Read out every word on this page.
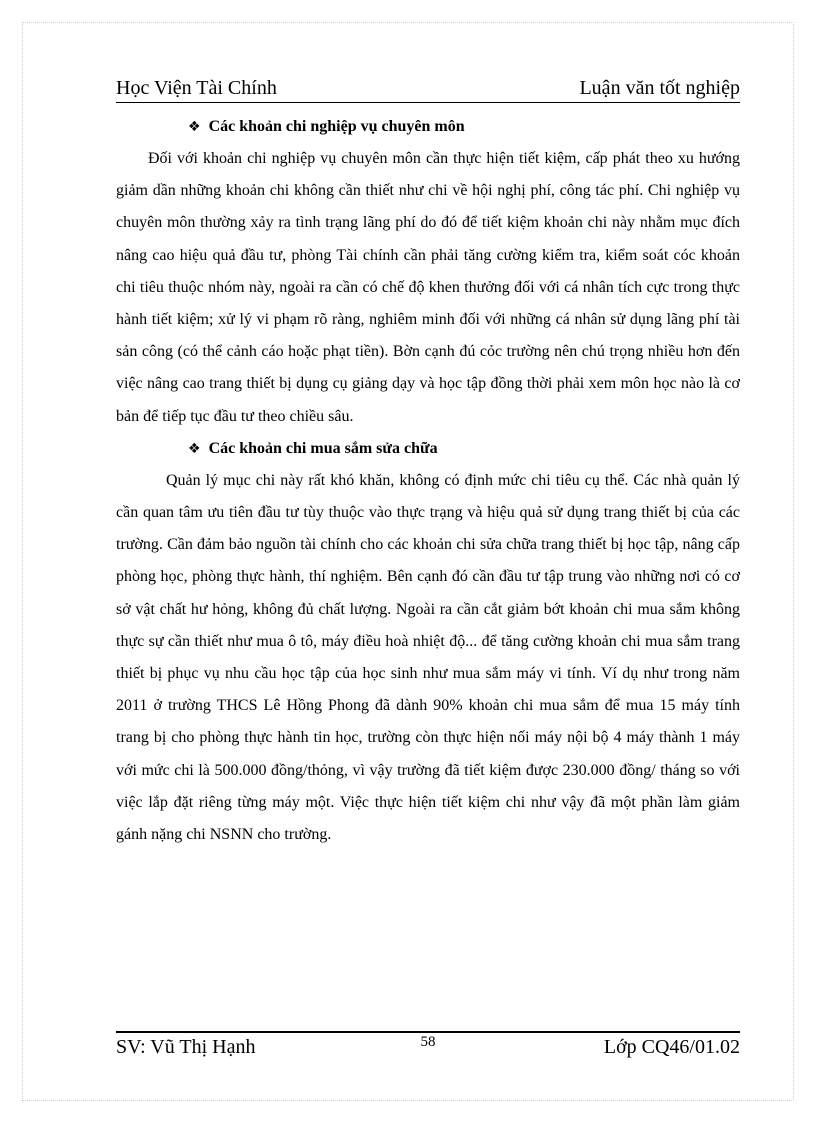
Học Viện Tài Chính	Luận văn tốt nghiệp
❖ Các khoản chi nghiệp vụ chuyên môn

Đối với khoản chi nghiệp vụ chuyên môn cần thực hiện tiết kiệm, cấp phát theo xu hướng giảm dần những khoản chi không cần thiết như chi về hội nghị phí, công tác phí. Chi nghiệp vụ chuyên môn thường xảy ra tình trạng lãng phí do đó để tiết kiệm khoản chi này nhằm mục đích nâng cao hiệu quả đầu tư, phòng Tài chính cần phải tăng cường kiểm tra, kiểm soát cóc khoản chi tiêu thuộc nhóm này, ngoài ra cần có chế độ khen thưởng đối với cá nhân tích cực trong thực hành tiết kiệm; xử lý vi phạm rõ ràng, nghiêm minh đối với những cá nhân sử dụng lãng phí tài sản công (có thể cảnh cáo hoặc phạt tiền). Bờn cạnh đú cỏc trường nên chú trọng nhiều hơn đến việc nâng cao trang thiết bị dụng cụ giảng dạy và học tập đồng thời phải xem môn học nào là cơ bản để tiếp tục đầu tư theo chiều sâu.

❖ Các khoản chi mua sắm sửa chữa

Quản lý mục chi này rất khó khăn, không có định mức chi tiêu cụ thể. Các nhà quản lý cần quan tâm ưu tiên đầu tư tùy thuộc vào thực trạng và hiệu quả sử dụng trang thiết bị của các trường. Cần đảm bảo nguồn tài chính cho các khoản chi sửa chữa trang thiết bị học tập, nâng cấp phòng học, phòng thực hành, thí nghiệm. Bên cạnh đó cần đầu tư tập trung vào những nơi có cơ sở vật chất hư hỏng, không đủ chất lượng. Ngoài ra cần cắt giảm bớt khoản chi mua sắm không thực sự cần thiết như mua ô tô, máy điều hoà nhiệt độ... để tăng cường khoản chi mua sắm trang thiết bị phục vụ nhu cầu học tập của học sinh như mua sắm máy vi tính. Ví dụ như trong năm 2011 ở trường THCS Lê Hồng Phong đã dành 90% khoản chi mua sắm để mua 15 máy tính trang bị cho phòng thực hành tin học, trường còn thực hiện nối máy nội bộ 4 máy thành 1 máy với mức chi là 500.000 đồng/thỏng, vì vậy trường đã tiết kiệm được 230.000 đồng/ tháng so với việc lắp đặt riêng từng máy một. Việc thực hiện tiết kiệm chi như vậy đã một phần làm giảm gánh nặng chi NSNN cho trường.

SV: Vũ Thị Hạnh	58	Lớp CQ46/01.02
